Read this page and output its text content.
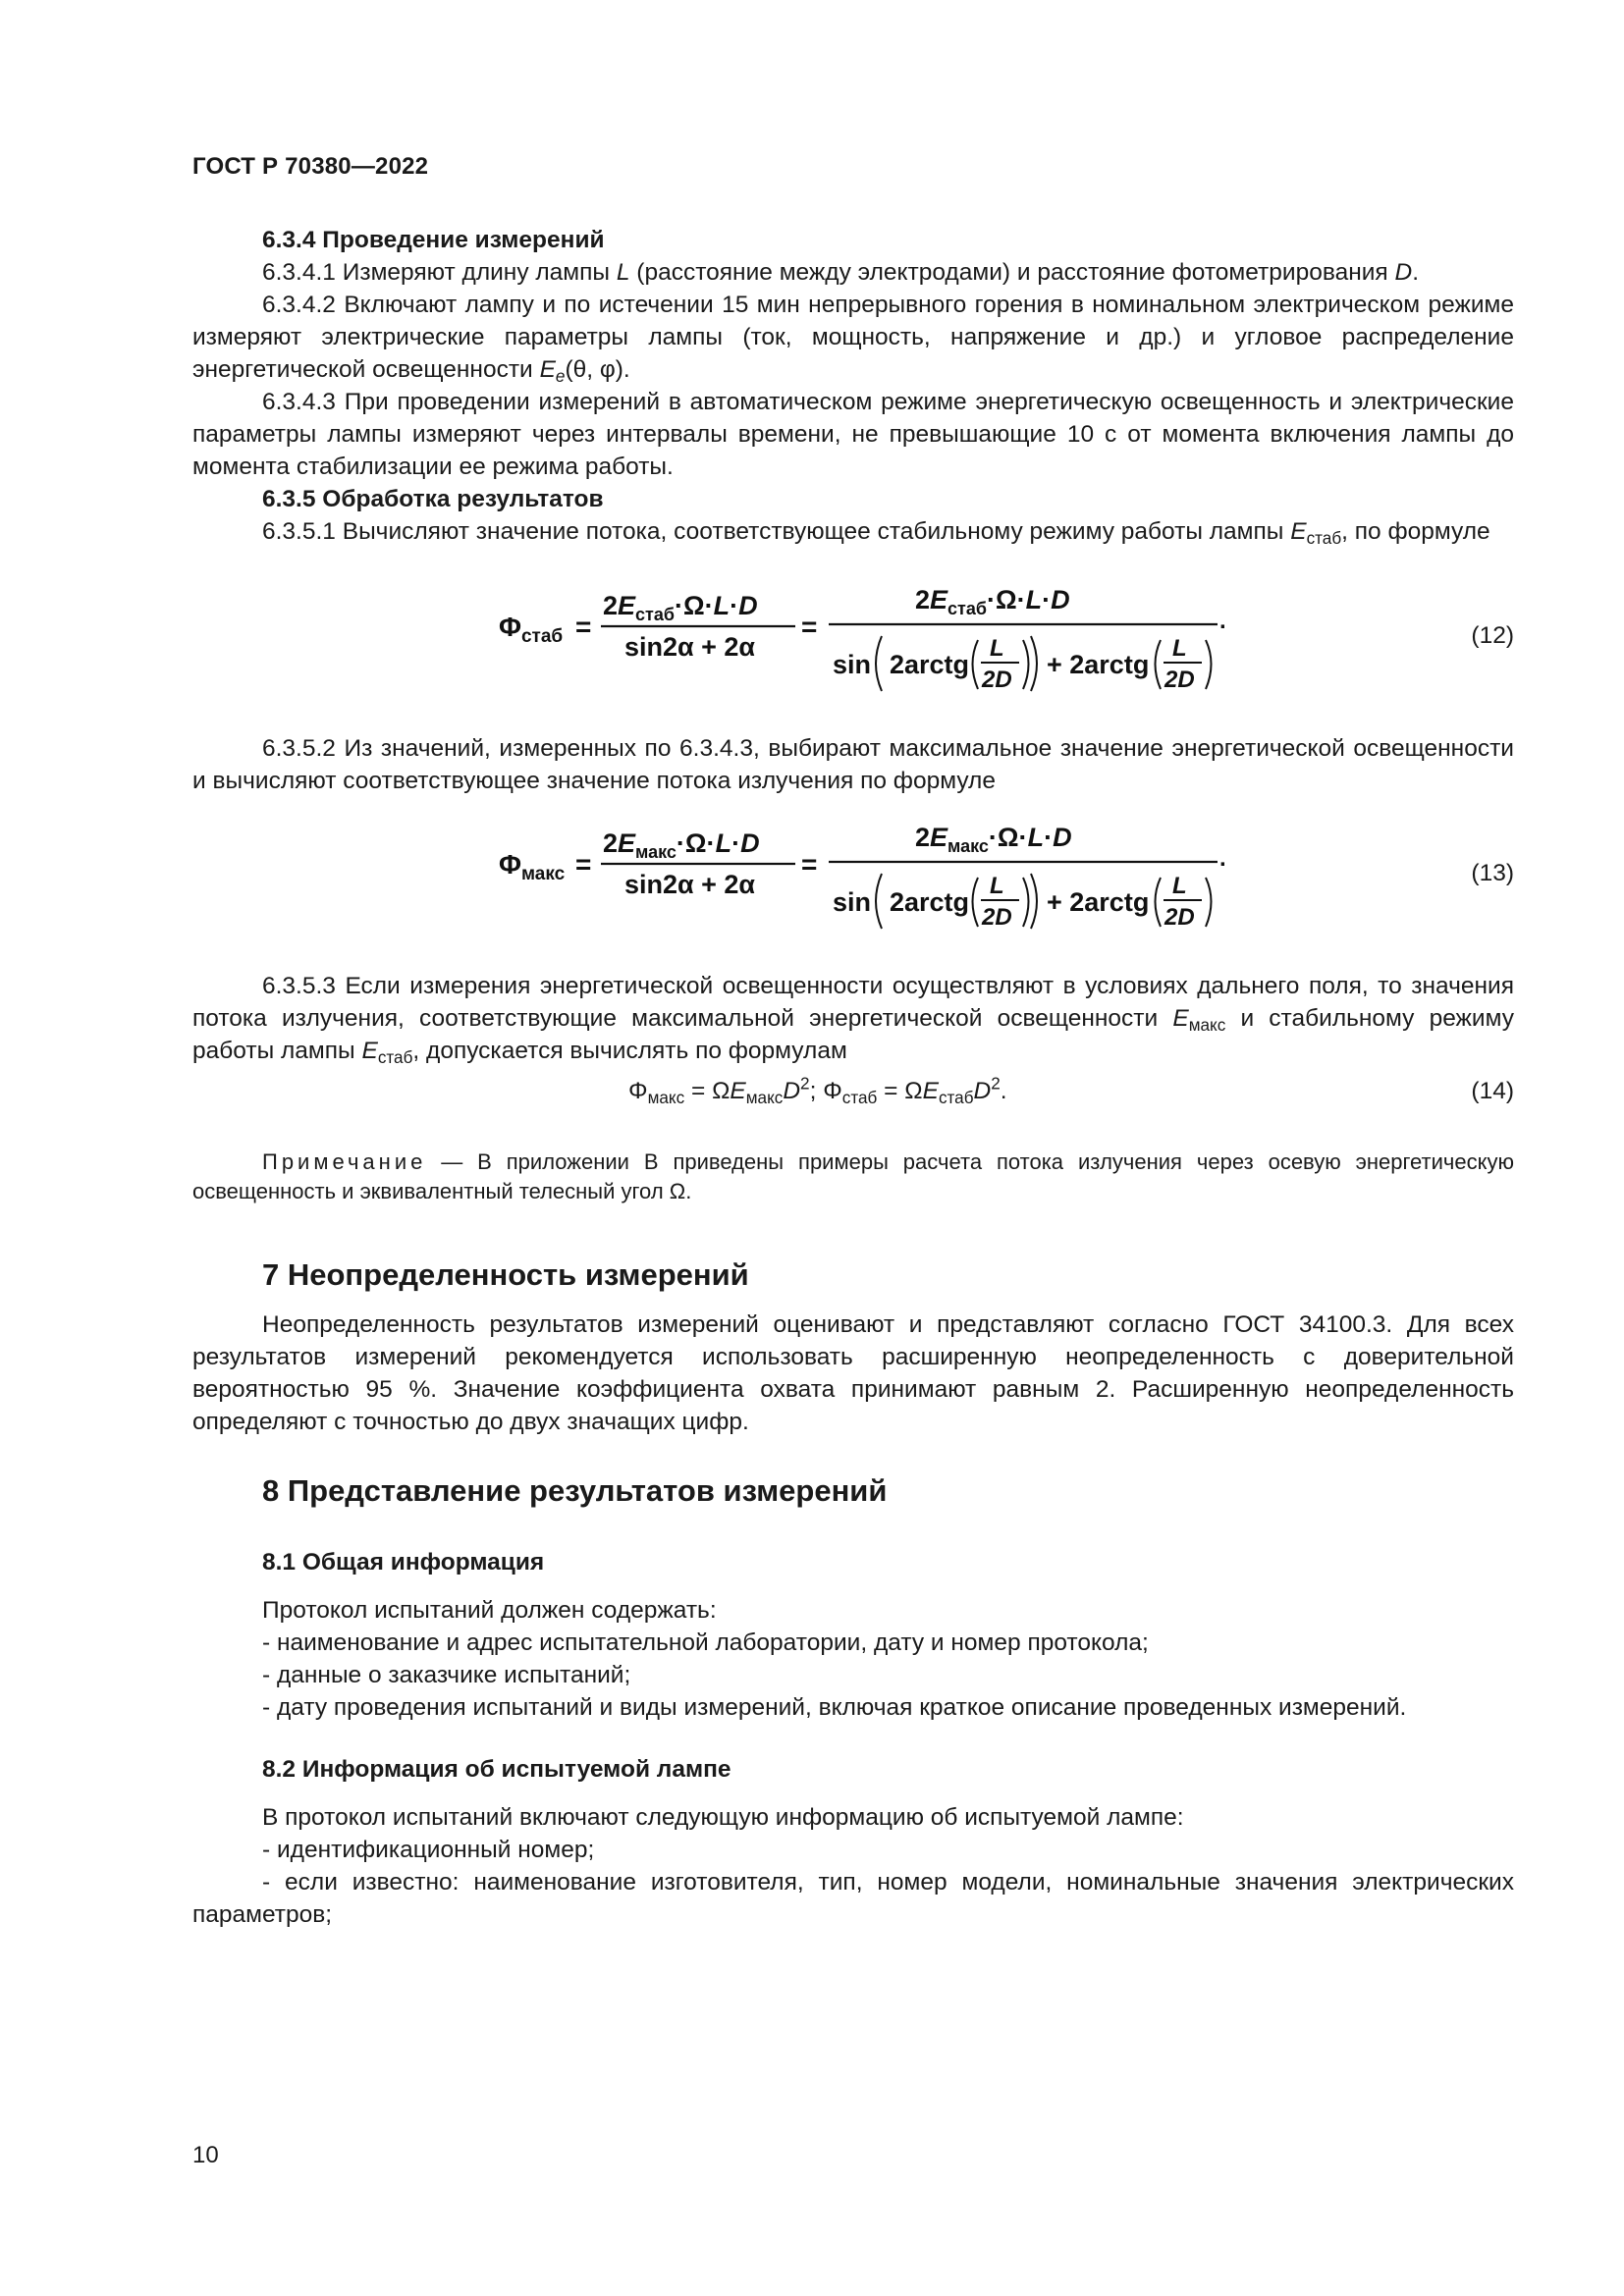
ГОСТ Р 70380—2022

6.3.4 Проведение измерений

6.3.4.1 Измеряют длину лампы L (расстояние между электродами) и расстояние фотометрирования D.

6.3.4.2 Включают лампу и по истечении 15 мин непрерывного горения в номинальном электрическом режиме измеряют электрические параметры лампы (ток, мощность, напряжение и др.) и угловое распределение энергетической освещенности $E_e(\theta$, φ).

6.3.4.3 При проведении измерений в автоматическом режиме энергетическую освещенность и электрические параметры лампы измеряют через интервалы времени, не превышающие 10 с от момента включения лампы до момента стабилизации ее режима работы.

6.3.5 Обработка результатов

6.3.5.1 Вычисляют значение потока, соответствующее стабильному режиму работы лампы $E_{стаб}$, по формуле

$\Phi_{стаб}$ =
$2E_{стаб}\cdot\Omega\cdot L\cdot D$
sin2α + 2α
=
$2E_{стаб}\cdot\Omega\cdot L\cdot D$
sin 2arctg
L
2D
+ 2arctg
L
2D
.
(12)

6.3.5.2 Из значений, измеренных по 6.3.4.3, выбирают максимальное значение энергетической освещенности и вычисляют соответствующее значение потока излучения по формуле

$\Phi_{макс}$ =
$2E_{макс}\cdot\Omega\cdot L\cdot D$
sin2α + 2α
=
$2E_{макс}\cdot\Omega\cdot L\cdot D$
sin 2arctg
L
2D
+ 2arctg
L
2D
.
(13)

6.3.5.3 Если измерения энергетической освещенности осуществляют в условиях дальнего поля, то значения потока излучения, соответствующие максимальной энергетической освещенности $E_{макс}$ и стабильному режиму работы лампы $E_{стаб}$, допускается вычислять по формулам

$\Phi_{макс} = \Omega E_{макс}D^2$; $\Phi_{стаб} = \Omega E_{стаб}D^2$.	(14)

Примечание — В приложении В приведены примеры расчета потока излучения через осевую энергетическую освещенность и эквивалентный телесный угол Ω.

7 Неопределенность измерений

Неопределенность результатов измерений оценивают и представляют согласно ГОСТ 34100.3. Для всех результатов измерений рекомендуется использовать расширенную неопределенность с доверительной вероятностью 95 %. Значение коэффициента охвата принимают равным 2. Расширенную неопределенность определяют с точностью до двух значащих цифр.

8 Представление результатов измерений

8.1 Общая информация

Протокол испытаний должен содержать:

- наименование и адрес испытательной лаборатории, дату и номер протокола;

- данные о заказчике испытаний;

- дату проведения испытаний и виды измерений, включая краткое описание проведенных измерений.

8.2 Информация об испытуемой лампе

В протокол испытаний включают следующую информацию об испытуемой лампе:

- идентификационный номер;

- если известно: наименование изготовителя, тип, номер модели, номинальные значения электрических параметров;

10
